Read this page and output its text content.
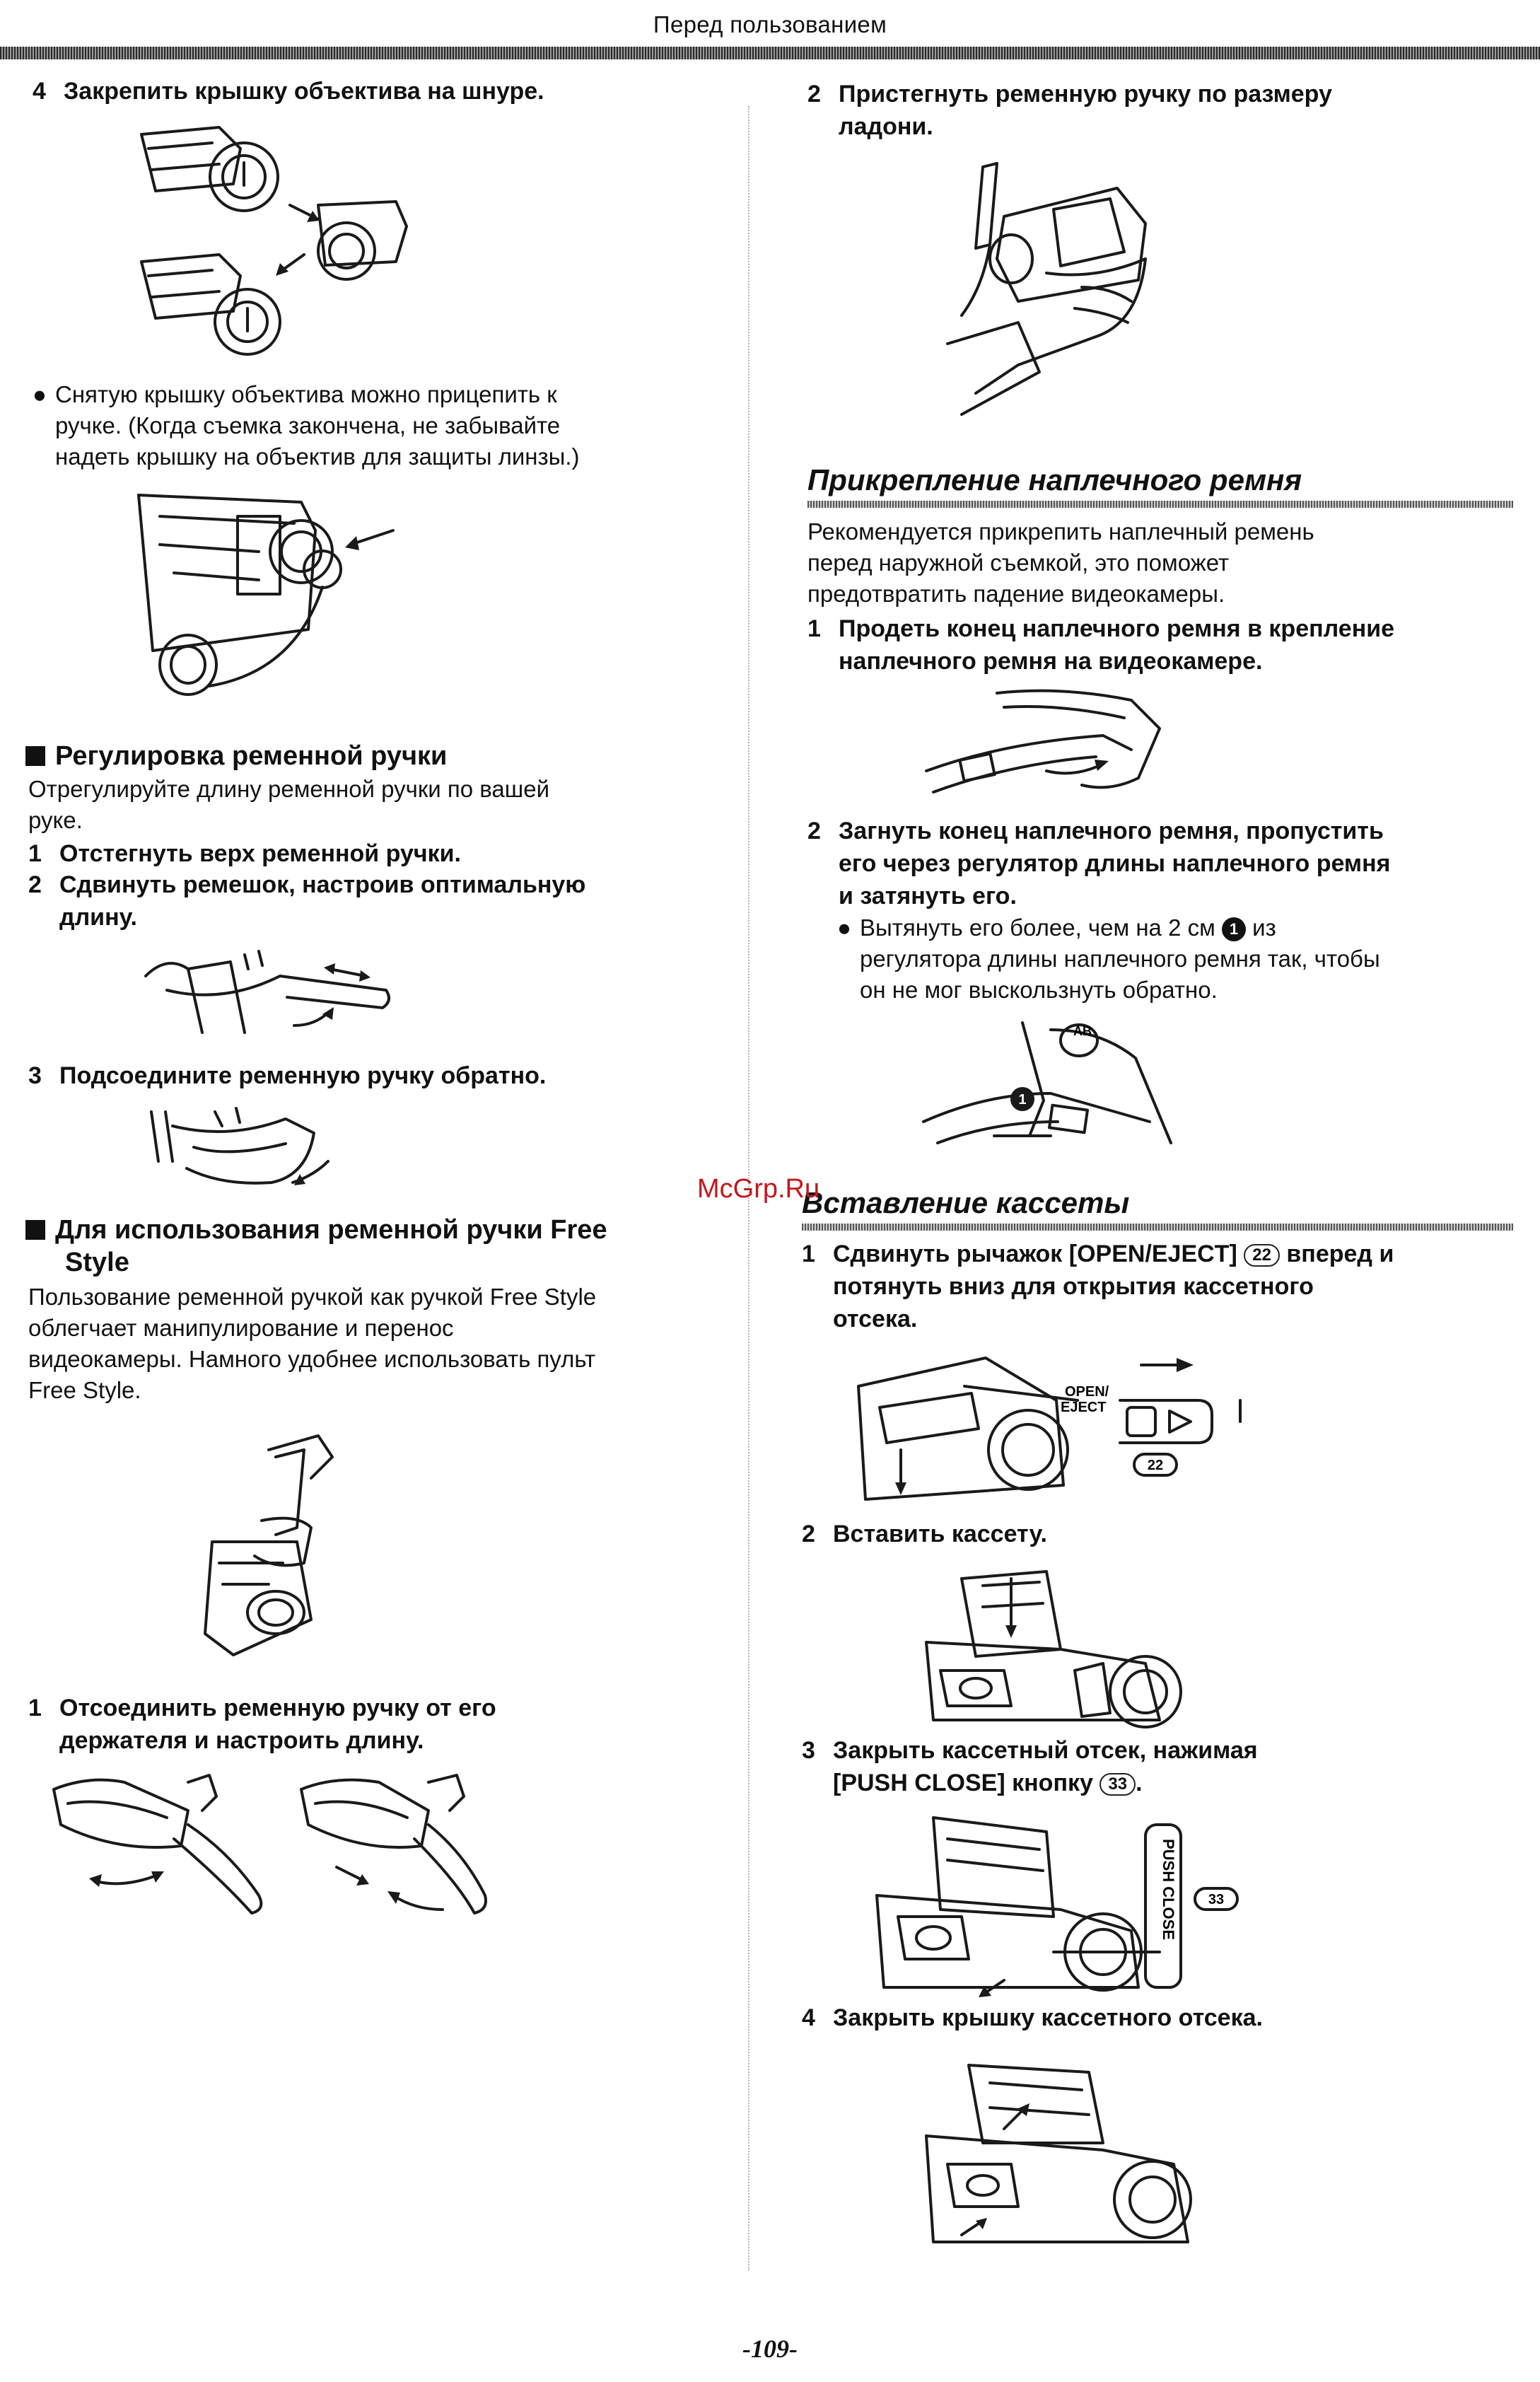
Перед пользованием
4 Закрепить крышку объектива на шнуре.
● Снятую крышку объектива можно прицепить к
ручке. (Когда съемка закончена, не забывайте
надеть крышку на объектив для защиты линзы.)
Регулировка ременной ручки
Отрегулируйте длину ременной ручки по вашей
руке.
1 Отстегнуть верх ременной ручки.
2 Сдвинуть ремешок, настроив оптимальную
длину.
3 Подсоедините ременную ручку обратно.
Для использования ременной ручки Free
Style
Пользование ременной ручкой как ручкой Free Style
облегчает манипулирование и перенос
видеокамеры. Намного удобнее использовать пульт
Free Style.
1 Отсоединить ременную ручку от его
держателя и настроить длину.
2 Пристегнуть ременную ручку по размеру
ладони.
Прикрепление наплечного ремня
Рекомендуется прикрепить наплечный ремень
перед наружной съемкой, это поможет
предотвратить падение видеокамеры.
1 Продеть конец наплечного ремня в крепление
наплечного ремня на видеокамере.
2 Загнуть конец наплечного ремня, пропустить
его через регулятор длины наплечного ремня
и затянуть его.
● Вытянуть его более, чем на 2 см 1 из
регулятора длины наплечного ремня так, чтобы
он не мог выскользнуть обратно.
AB
1
Вставление кассеты
1 Сдвинуть рычажок [OPEN/EJECT] 22 вперед и
потянуть вниз для открытия кассетного
отсека.
OPEN/
EJECT
22
2 Вставить кассету.
3 Закрыть кассетный отсек, нажимая
[PUSH CLOSE] кнопку 33 .
PUSH CLOSE 33
4 Закрыть крышку кассетного отсека.
McGrp.Ru
-109-
